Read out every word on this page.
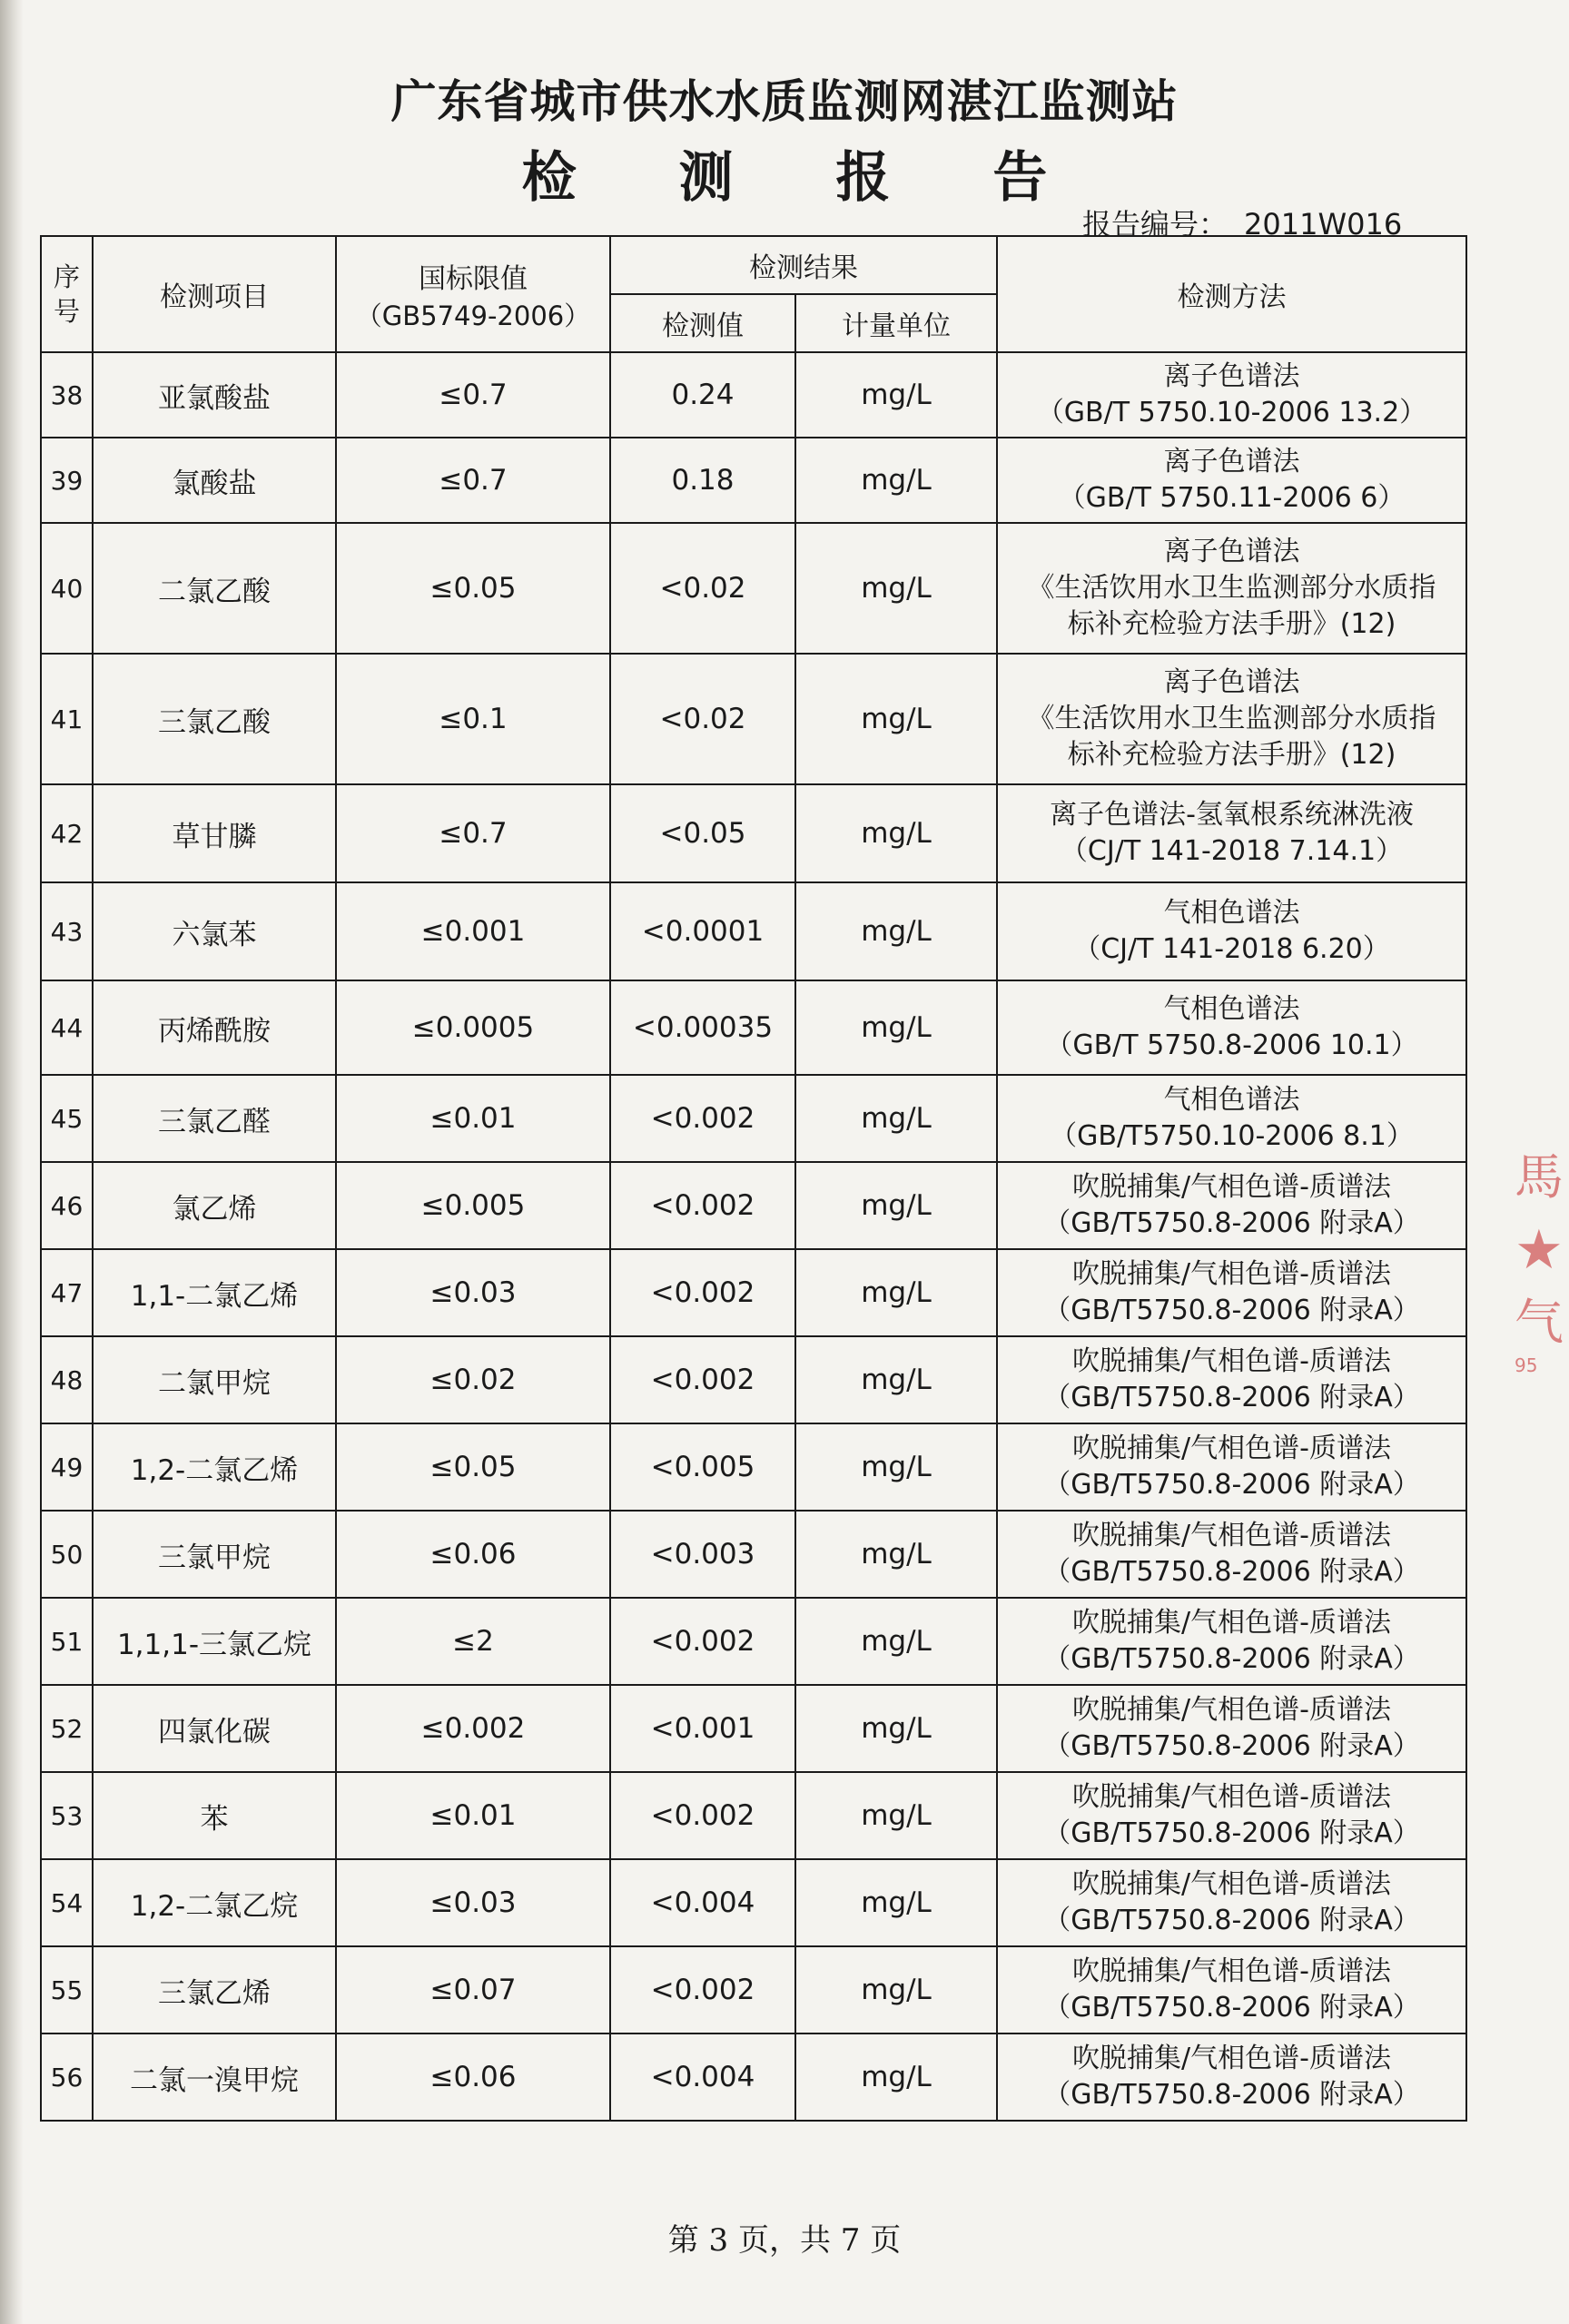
广东省城市供水水质监测网湛江监测站
检 测 报 告
报告编号： 2011W016
序号	检测项目	国标限值
（GB5749-2006）	检测结果		检测方法
			检测值	计量单位	
38	亚氯酸盐	≤0.7	0.24	mg/L	离子色谱法
（GB/T 5750.10-2006 13.2）

39	氯酸盐	≤0.7	0.18	mg/L	离子色谱法
（GB/T 5750.11-2006 6）

40	二氯乙酸	≤0.05	<0.02	mg/L	离子色谱法
《生活饮用水卫生监测部分水质指
标补充检验方法手册》(12)

41	三氯乙酸	≤0.1	<0.02	mg/L	离子色谱法
《生活饮用水卫生监测部分水质指
标补充检验方法手册》(12)

42	草甘膦	≤0.7	<0.05	mg/L	离子色谱法-氢氧根系统淋洗液
（CJ/T 141-2018 7.14.1）

43	六氯苯	≤0.001	<0.0001	mg/L	气相色谱法
（CJ/T 141-2018 6.20）

44	丙烯酰胺	≤0.0005	<0.00035	mg/L	气相色谱法
（GB/T 5750.8-2006 10.1）

45	三氯乙醛	≤0.01	<0.002	mg/L	气相色谱法
（GB/T5750.10-2006 8.1）

46	氯乙烯	≤0.005	<0.002	mg/L	吹脱捕集/气相色谱-质谱法
（GB/T5750.8-2006 附录A）

47	1,1-二氯乙烯	≤0.03	<0.002	mg/L	吹脱捕集/气相色谱-质谱法
（GB/T5750.8-2006 附录A）

48	二氯甲烷	≤0.02	<0.002	mg/L	吹脱捕集/气相色谱-质谱法
（GB/T5750.8-2006 附录A）

49	1,2-二氯乙烯	≤0.05	<0.005	mg/L	吹脱捕集/气相色谱-质谱法
（GB/T5750.8-2006 附录A）

50	三氯甲烷	≤0.06	<0.003	mg/L	吹脱捕集/气相色谱-质谱法
（GB/T5750.8-2006 附录A）

51	1,1,1-三氯乙烷	≤2	<0.002	mg/L	吹脱捕集/气相色谱-质谱法
（GB/T5750.8-2006 附录A）

52	四氯化碳	≤0.002	<0.001	mg/L	吹脱捕集/气相色谱-质谱法
（GB/T5750.8-2006 附录A）

53	苯	≤0.01	<0.002	mg/L	吹脱捕集/气相色谱-质谱法
（GB/T5750.8-2006 附录A）

54	1,2-二氯乙烷	≤0.03	<0.004	mg/L	吹脱捕集/气相色谱-质谱法
（GB/T5750.8-2006 附录A）

55	三氯乙烯	≤0.07	<0.002	mg/L	吹脱捕集/气相色谱-质谱法
（GB/T5750.8-2006 附录A）

56	二氯一溴甲烷	≤0.06	<0.004	mg/L	吹脱捕集/气相色谱-质谱法
（GB/T5750.8-2006 附录A）
馬
★
气
95
第 3 页，共 7 页
